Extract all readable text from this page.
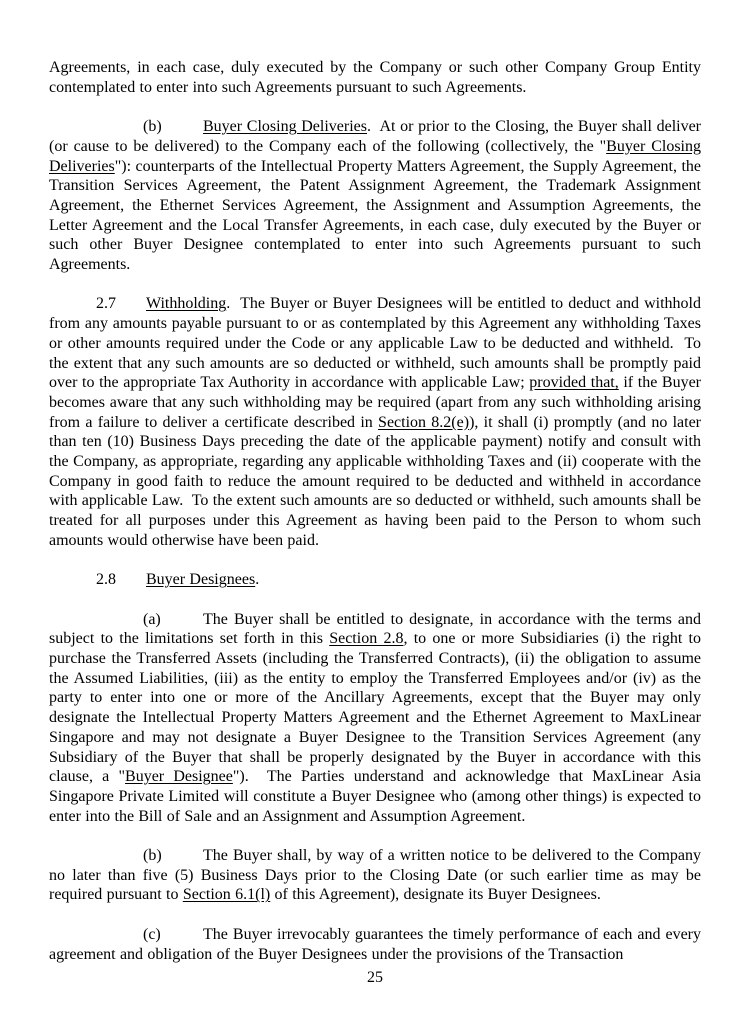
Agreements, in each case, duly executed by the Company or such other Company Group Entity contemplated to enter into such Agreements pursuant to such Agreements.

(b)	Buyer Closing Deliveries.  At or prior to the Closing, the Buyer shall deliver (or cause to be delivered) to the Company each of the following (collectively, the "Buyer Closing Deliveries"): counterparts of the Intellectual Property Matters Agreement, the Supply Agreement, the Transition Services Agreement, the Patent Assignment Agreement, the Trademark Assignment Agreement, the Ethernet Services Agreement, the Assignment and Assumption Agreements, the Letter Agreement and the Local Transfer Agreements, in each case, duly executed by the Buyer or such other Buyer Designee contemplated to enter into such Agreements pursuant to such Agreements.

2.7 Withholding.  The Buyer or Buyer Designees will be entitled to deduct and withhold from any amounts payable pursuant to or as contemplated by this Agreement any withholding Taxes or other amounts required under the Code or any applicable Law to be deducted and withheld.  To the extent that any such amounts are so deducted or withheld, such amounts shall be promptly paid over to the appropriate Tax Authority in accordance with applicable Law; provided that, if the Buyer becomes aware that any such withholding may be required (apart from any such withholding arising from a failure to deliver a certificate described in Section 8.2(e)), it shall (i) promptly (and no later than ten (10) Business Days preceding the date of the applicable payment) notify and consult with the Company, as appropriate, regarding any applicable withholding Taxes and (ii) cooperate with the Company in good faith to reduce the amount required to be deducted and withheld in accordance with applicable Law.  To the extent such amounts are so deducted or withheld, such amounts shall be treated for all purposes under this Agreement as having been paid to the Person to whom such amounts would otherwise have been paid.

2.8 Buyer Designees.

(a)	The Buyer shall be entitled to designate, in accordance with the terms and subject to the limitations set forth in this Section 2.8, to one or more Subsidiaries (i) the right to purchase the Transferred Assets (including the Transferred Contracts), (ii) the obligation to assume the Assumed Liabilities, (iii) as the entity to employ the Transferred Employees and/or (iv) as the party to enter into one or more of the Ancillary Agreements, except that the Buyer may only designate the Intellectual Property Matters Agreement and the Ethernet Agreement to MaxLinear Singapore and may not designate a Buyer Designee to the Transition Services Agreement (any Subsidiary of the Buyer that shall be properly designated by the Buyer in accordance with this clause, a "Buyer Designee").  The Parties understand and acknowledge that MaxLinear Asia Singapore Private Limited will constitute a Buyer Designee who (among other things) is expected to enter into the Bill of Sale and an Assignment and Assumption Agreement.

(b)	The Buyer shall, by way of a written notice to be delivered to the Company no later than five (5) Business Days prior to the Closing Date (or such earlier time as may be required pursuant to Section 6.1(l) of this Agreement), designate its Buyer Designees.

(c)	The Buyer irrevocably guarantees the timely performance of each and every agreement and obligation of the Buyer Designees under the provisions of the Transaction

25
